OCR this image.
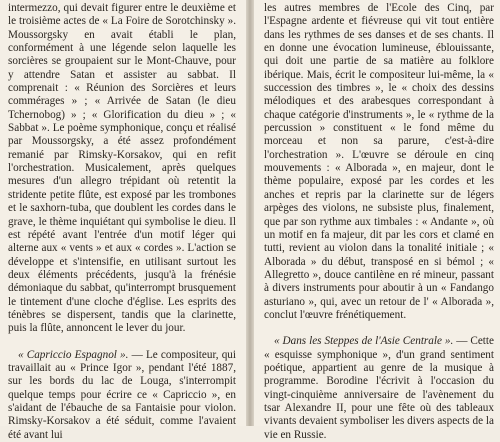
intermezzo, qui devait figurer entre le deuxième et le troisième actes de « La Foire de Sorotchinsky ». Moussorgsky en avait établi le plan, conformément à une légende selon laquelle les sorcières se groupaient sur le Mont-Chauve, pour y attendre Satan et assister au sabbat. Il comprenait : « Réunion des Sorcières et leurs commérages » ; « Arrivée de Satan (le dieu Tchernobog) » ; « Glorification du dieu » ; « Sabbat ». Le poème symphonique, conçu et réalisé par Moussorgsky, a été assez profondément remanié par Rimsky-Korsakov, qui en refit l'orchestration. Musicalement, après quelques mesures d'un allegro trépidant où retentit la stridente petite flûte, est exposé par les trombones et le saxhorn-tuba, que doublent les cordes dans le grave, le thème inquiétant qui symbolise le dieu. Il est répété avant l'entrée d'un motif léger qui alterne aux « vents » et aux « cordes ». L'action se développe et s'intensifie, en utilisant surtout les deux éléments précédents, jusqu'à la frénésie démoniaque du sabbat, qu'interrompt brusquement le tintement d'une cloche d'église. Les esprits des ténèbres se dispersent, tandis que la clarinette, puis la flûte, annoncent le lever du jour.

« Capriccio Espagnol ». — Le compositeur, qui travaillait au « Prince Igor », pendant l'été 1887, sur les bords du lac de Louga, s'interrompit quelque temps pour écrire ce « Capriccio », en s'aidant de l'ébauche de sa Fantaisie pour violon. Rimsky-Korsakov a été séduit, comme l'avaient été avant lui

les autres membres de l'Ecole des Cinq, par l'Espagne ardente et fiévreuse qui vit tout entière dans les rythmes de ses danses et de ses chants. Il en donne une évocation lumineuse, éblouissante, qui doit une partie de sa matière au folklore ibérique. Mais, écrit le compositeur lui-même, la « succession des timbres », le « choix des dessins mélodiques et des arabesques correspondant à chaque catégorie d'instruments », le « rythme de la percussion » constituent « le fond même du morceau et non sa parure, c'est-à-dire l'orchestration ». L'œuvre se déroule en cinq mouvements : « Alborada », en majeur, dont le thème populaire, exposé par les cordes et les anches et repris par la clarinette sur de légers arpèges des violons, ne subsiste plus, finalement, que par son rythme aux timbales : « Andante », où un motif en fa majeur, dit par les cors et clamé en tutti, revient au violon dans la tonalité initiale ; « Alborada » du début, transposé en si bémol ; « Allegretto », douce cantilène en ré mineur, passant à divers instruments pour aboutir à un « Fandango asturiano », qui, avec un retour de l' « Alborada », conclut l'œuvre frénétiquement.

« Dans les Steppes de l'Asie Centrale ». — Cette « esquisse symphonique », d'un grand sentiment poétique, appartient au genre de la musique à programme. Borodine l'écrivit à l'occasion du vingt-cinquième anniversaire de l'avènement du tsar Alexandre II, pour une fête où des tableaux vivants devaient symboliser les divers aspects de la vie en Russie.
